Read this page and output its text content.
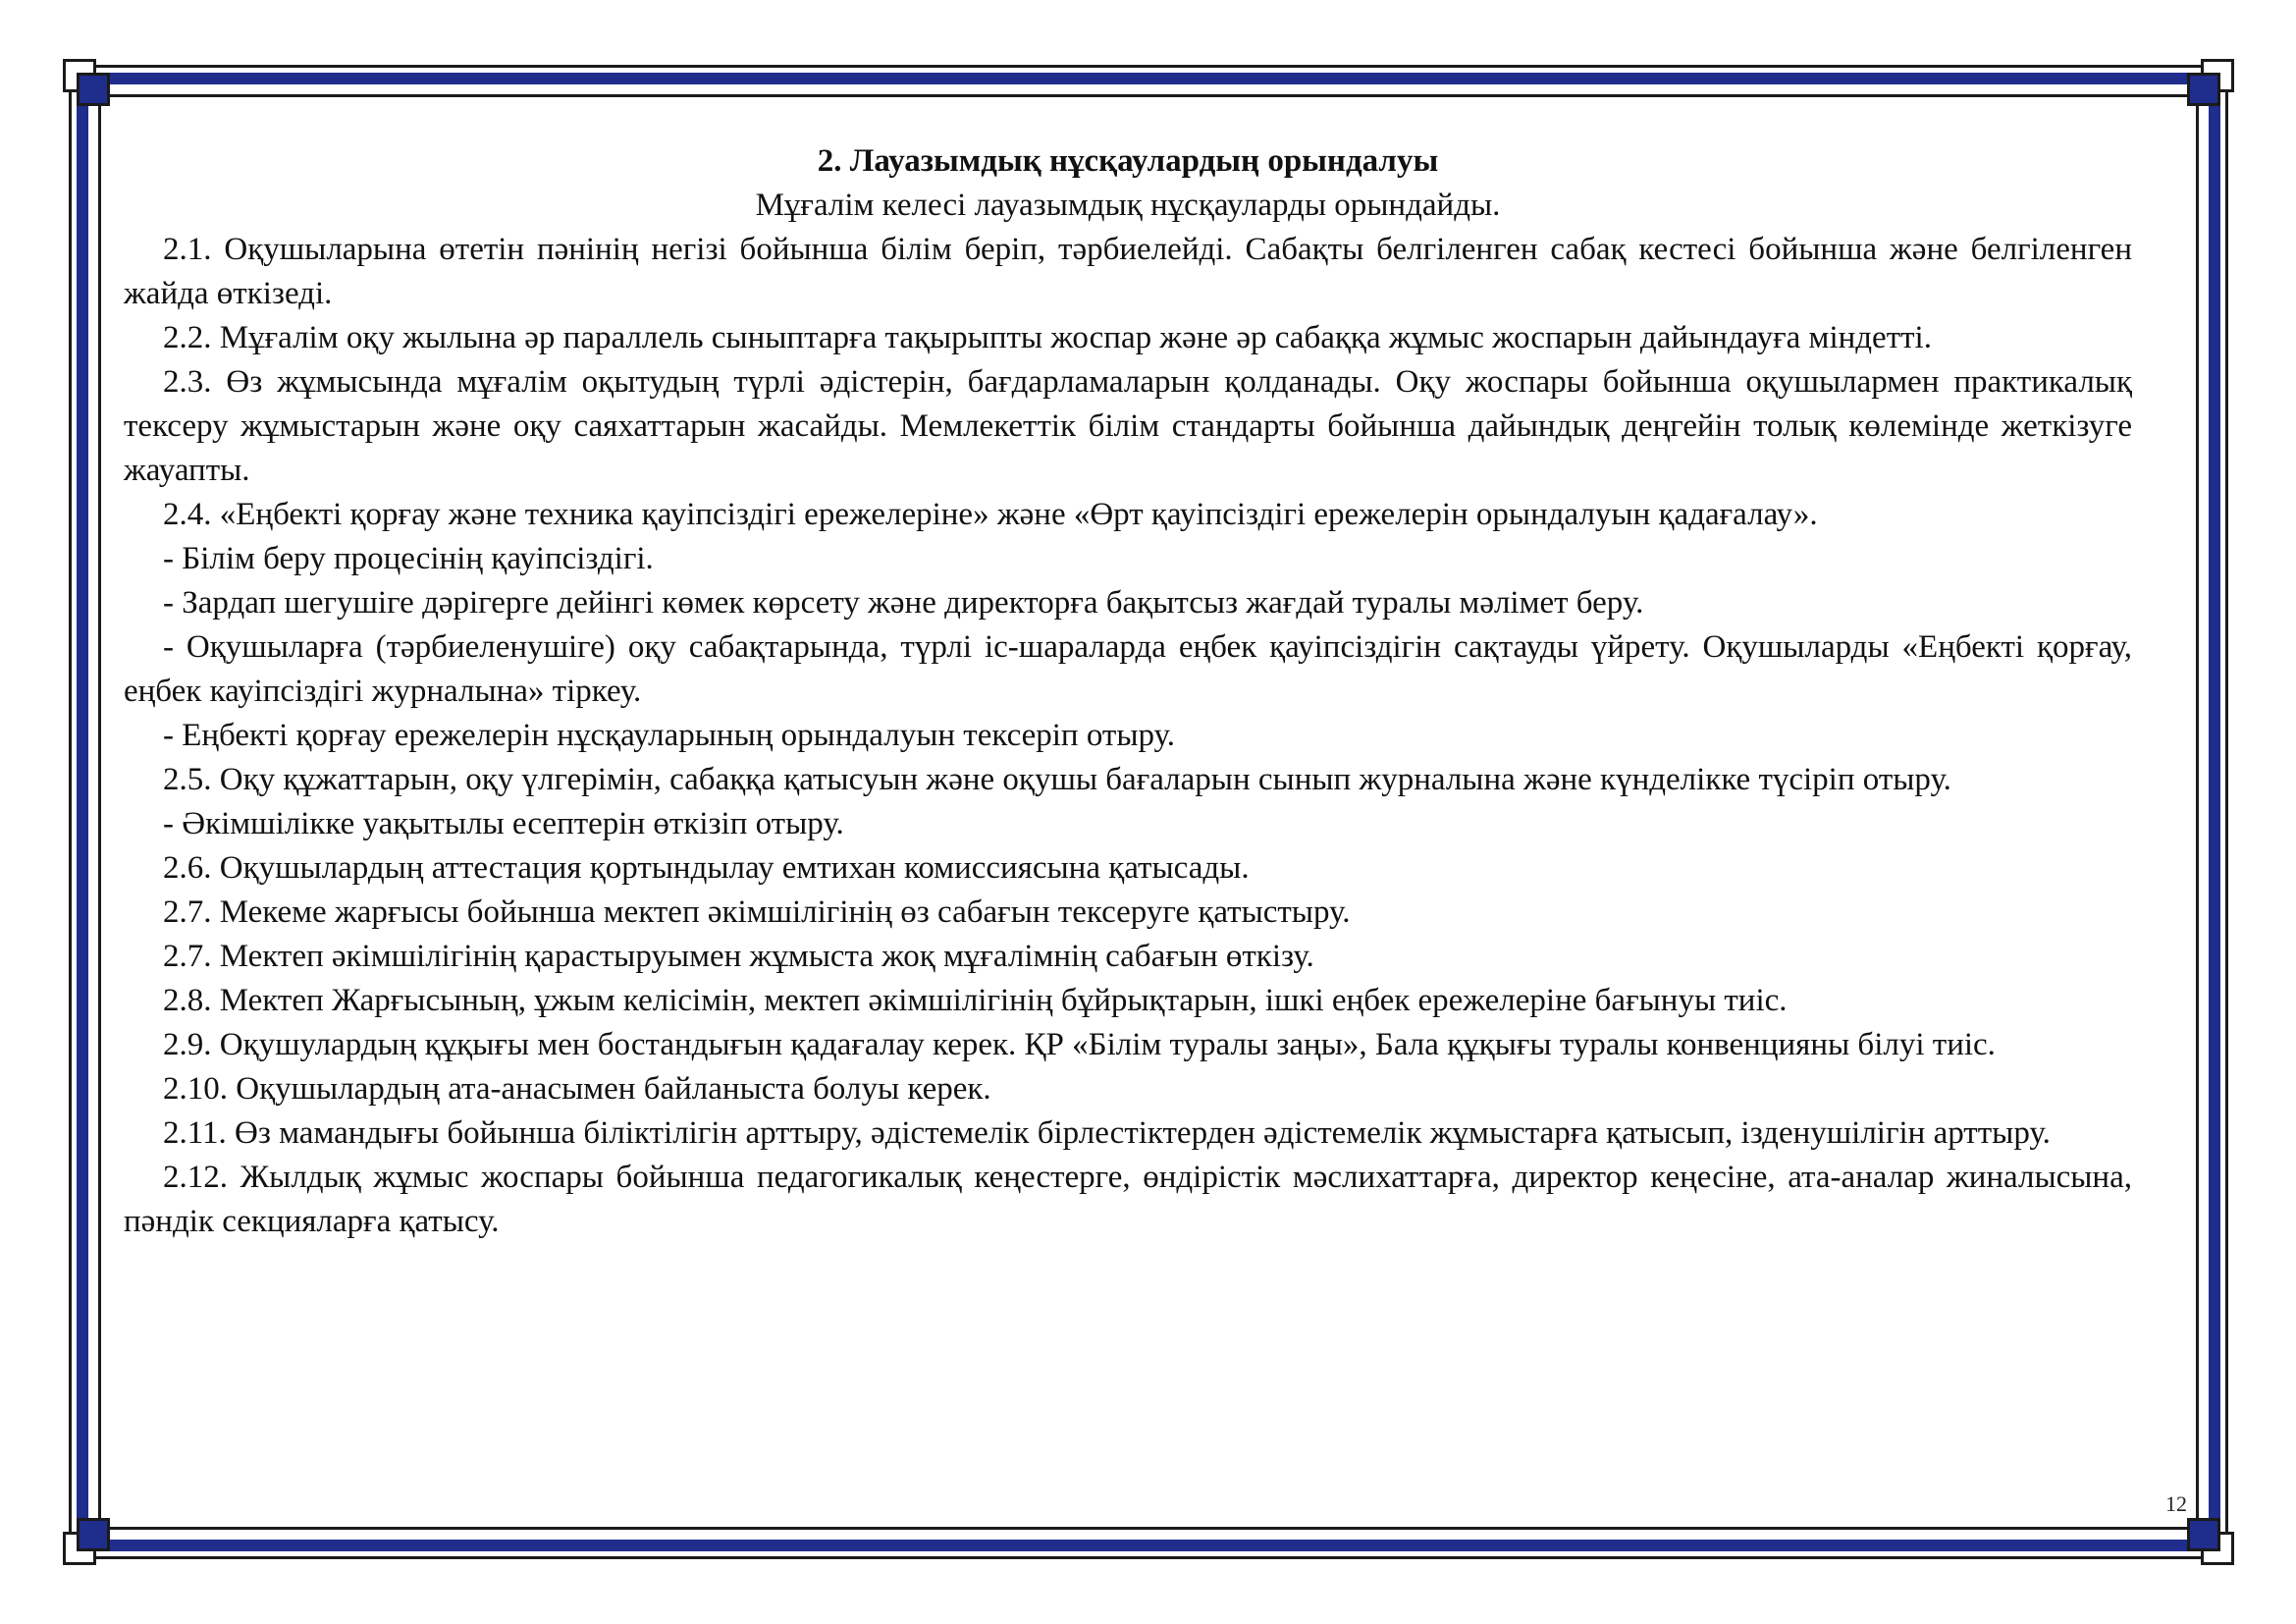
2. Лауазымдық нұсқаулардың орындалуы

Мұғалім келесі лауазымдық нұсқауларды орындайды.

2.1. Оқушыларына өтетін пәнінің негізі бойынша білім беріп, тәрбиелейді. Сабақты белгіленген сабақ кестесі бойынша және белгіленген жайда өткізеді.

2.2. Мұғалім оқу жылына әр параллель сыныптарға тақырыпты жоспар және әр сабаққа жұмыс жоспарын дайындауға міндетті.

2.3. Өз жұмысында мұғалім оқытудың түрлі әдістерін, бағдарламаларын қолданады. Оқу жоспары бойынша оқушылармен практикалық тексеру жұмыстарын және оқу саяхаттарын жасайды. Мемлекеттік білім стандарты бойынша дайындық деңгейін толық көлемінде жеткізуге жауапты.

2.4. «Еңбекті қорғау және техника қауіпсіздігі ережелеріне» және «Өрт қауіпсіздігі ережелерін орындалуын қадағалау».

- Білім беру процесінің қауіпсіздігі.

- Зардап шегушіге дәрігерге дейінгі көмек көрсету және директорға бақытсыз жағдай туралы мәлімет беру.

- Оқушыларға (тәрбиеленушіге) оқу сабақтарында, түрлі іс-шараларда еңбек қауіпсіздігін сақтауды үйрету. Оқушыларды «Еңбекті қорғау, еңбек кауіпсіздігі журналына» тіркеу.

- Еңбекті қорғау ережелерін нұсқауларының орындалуын тексеріп отыру.

2.5. Оқу құжаттарын, оқу үлгерімін, сабаққа қатысуын және оқушы бағаларын сынып журналына және күнделікке түсіріп отыру.

- Әкімшілікке уақытылы есептерін өткізіп отыру.

2.6. Оқушылардың аттестация қортындылау емтихан комиссиясына қатысады.

2.7. Мекеме жарғысы бойынша мектеп әкімшілігінің өз сабағын тексеруге қатыстыру.

2.7. Мектеп әкімшілігінің қарастыруымен жұмыста жоқ мұғалімнің сабағын өткізу.

2.8. Мектеп Жарғысының, ұжым келісімін, мектеп әкімшілігінің бұйрықтарын, ішкі еңбек ережелеріне бағынуы тиіс.

2.9. Оқушулардың құқығы мен бостандығын қадағалау керек. ҚР «Білім туралы заңы», Бала құқығы туралы конвенцияны білуі тиіс.

2.10. Оқушылардың ата-анасымен байланыста болуы керек.

2.11. Өз мамандығы бойынша біліктілігін арттыру, әдістемелік бірлестіктерден әдістемелік жұмыстарға қатысып, ізденушілігін арттыру.

2.12. Жылдық жұмыс жоспары бойынша педагогикалық кеңестерге, өндірістік мәслихаттарға, директор кеңесіне, ата-аналар жиналысына, пәндік секцияларға қатысу.

12
